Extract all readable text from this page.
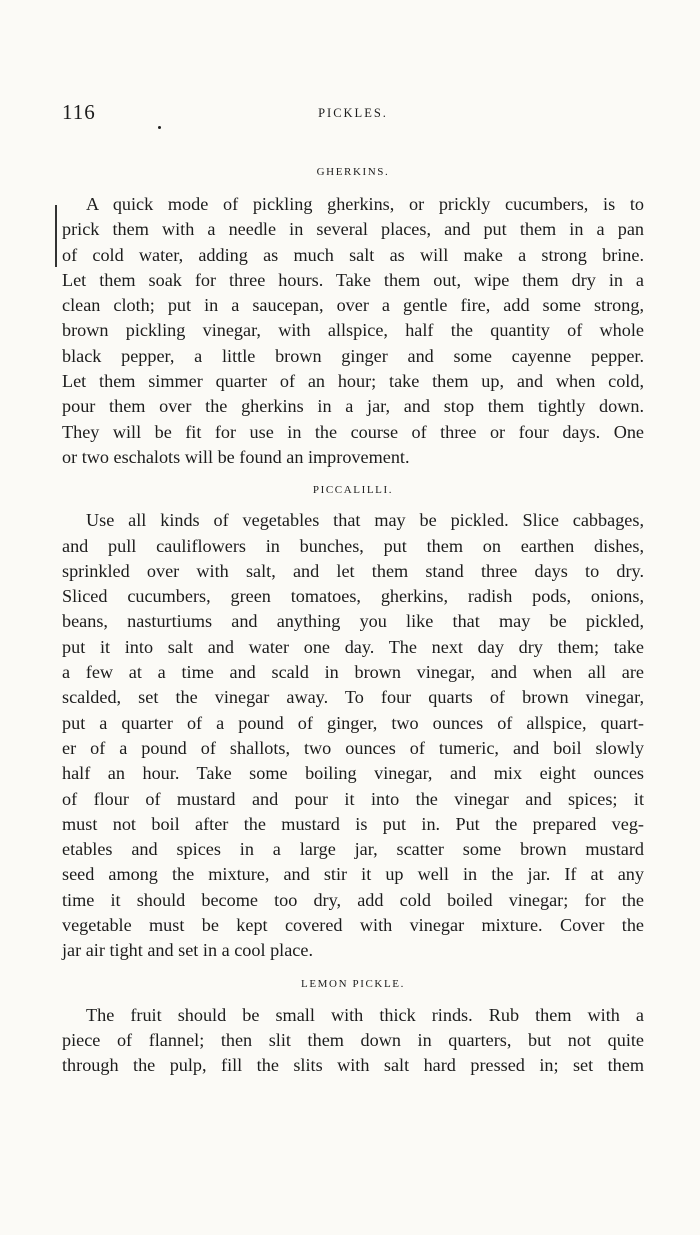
116	PICKLES.
GHERKINS.
A quick mode of pickling gherkins, or prickly cucumbers, is to
prick them with a needle in several places, and put them in a pan
of cold water, adding as much salt as will make a strong brine.
Let them soak for three hours. Take them out, wipe them dry in a
clean cloth; put in a saucepan, over a gentle fire, add some strong,
brown pickling vinegar, with allspice, half the quantity of whole
black pepper, a little brown ginger and some cayenne pepper.
Let them simmer quarter of an hour; take them up, and when cold,
pour them over the gherkins in a jar, and stop them tightly down.
They will be fit for use in the course of three or four days. One
or two eschalots will be found an improvement.
PICCALILLI.
Use all kinds of vegetables that may be pickled. Slice cabbages,
and pull cauliflowers in bunches, put them on earthen dishes,
sprinkled over with salt, and let them stand three days to dry.
Sliced cucumbers, green tomatoes, gherkins, radish pods, onions,
beans, nasturtiums and anything you like that may be pickled,
put it into salt and water one day. The next day dry them; take
a few at a time and scald in brown vinegar, and when all are
scalded, set the vinegar away. To four quarts of brown vinegar,
put a quarter of a pound of ginger, two ounces of allspice, quart-
er of a pound of shallots, two ounces of tumeric, and boil slowly
half an hour. Take some boiling vinegar, and mix eight ounces
of flour of mustard and pour it into the vinegar and spices; it
must not boil after the mustard is put in. Put the prepared veg-
etables and spices in a large jar, scatter some brown mustard
seed among the mixture, and stir it up well in the jar. If at any
time it should become too dry, add cold boiled vinegar; for the
vegetable must be kept covered with vinegar mixture. Cover the
jar air tight and set in a cool place.
LEMON PICKLE.
The fruit should be small with thick rinds. Rub them with a
piece of flannel; then slit them down in quarters, but not quite
through the pulp, fill the slits with salt hard pressed in; set them
